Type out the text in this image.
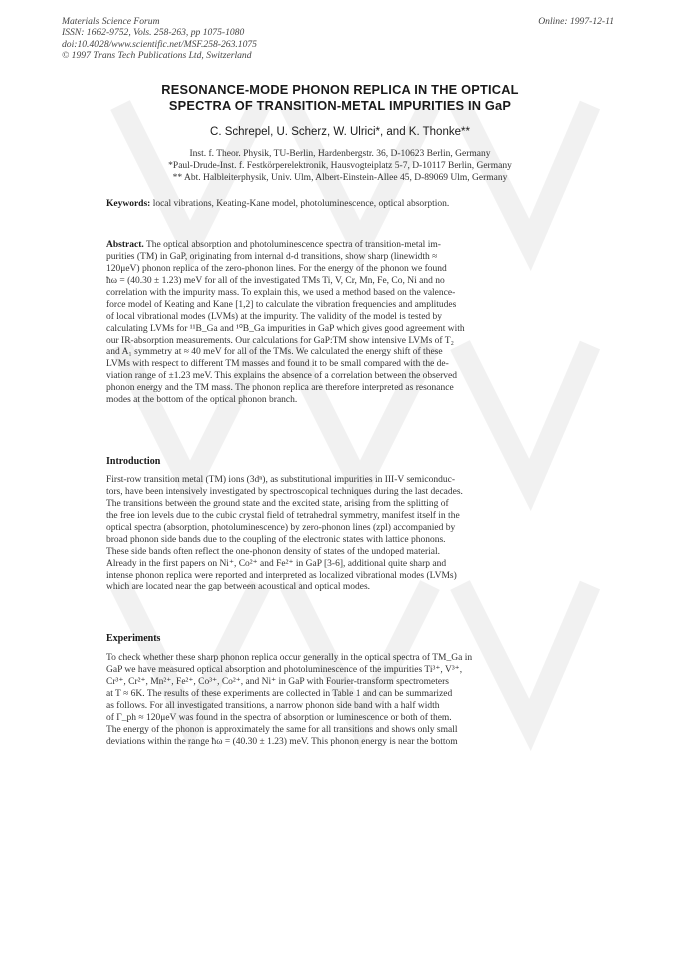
Materials Science Forum
ISSN: 1662-9752, Vols. 258-263, pp 1075-1080
doi:10.4028/www.scientific.net/MSF.258-263.1075
© 1997 Trans Tech Publications Ltd, Switzerland
Online: 1997-12-11
RESONANCE-MODE PHONON REPLICA IN THE OPTICAL
SPECTRA OF TRANSITION-METAL IMPURITIES IN GaP
C. Schrepel, U. Scherz, W. Ulrici*, and K. Thonke**
Inst. f. Theor. Physik, TU-Berlin, Hardenbergstr. 36, D-10623 Berlin, Germany
*Paul-Drude-Inst. f. Festkörperelektronik, Hausvogteiplatz 5-7, D-10117 Berlin, Germany
** Abt. Halbleiterphysik, Univ. Ulm, Albert-Einstein-Allee 45, D-89069 Ulm, Germany
Keywords: local vibrations, Keating-Kane model, photoluminescence, optical absorption.
Abstract. The optical absorption and photoluminescence spectra of transition-metal im-
purities (TM) in GaP, originating from internal d-d transitions, show sharp (linewidth ≈
120μeV) phonon replica of the zero-phonon lines. For the energy of the phonon we found
ħω = (40.30 ± 1.23) meV for all of the investigated TMs Ti, V, Cr, Mn, Fe, Co, Ni and no
correlation with the impurity mass. To explain this, we used a method based on the valence-
force model of Keating and Kane [1,2] to calculate the vibration frequencies and amplitudes
of local vibrational modes (LVMs) at the impurity. The validity of the model is tested by
calculating LVMs for ¹¹B_Ga and ¹⁰B_Ga impurities in GaP which gives good agreement with
our IR-absorption measurements. Our calculations for GaP:TM show intensive LVMs of T₂
and A₁ symmetry at ≈ 40 meV for all of the TMs. We calculated the energy shift of these
LVMs with respect to different TM masses and found it to be small compared with the de-
viation range of ±1.23 meV. This explains the absence of a correlation between the observed
phonon energy and the TM mass. The phonon replica are therefore interpreted as resonance
modes at the bottom of the optical phonon branch.
Introduction
First-row transition metal (TM) ions (3dⁿ), as substitutional impurities in III-V semiconduc-
tors, have been intensively investigated by spectroscopical techniques during the last decades.
The transitions between the ground state and the excited state, arising from the splitting of
the free ion levels due to the cubic crystal field of tetrahedral symmetry, manifest itself in the
optical spectra (absorption, photoluminescence) by zero-phonon lines (zpl) accompanied by
broad phonon side bands due to the coupling of the electronic states with lattice phonons.
These side bands often reflect the one-phonon density of states of the undoped material.
Already in the first papers on Ni⁺, Co²⁺ and Fe²⁺ in GaP [3-6], additional quite sharp and
intense phonon replica were reported and interpreted as localized vibrational modes (LVMs)
which are located near the gap between acoustical and optical modes.
Experiments
To check whether these sharp phonon replica occur generally in the optical spectra of TM_Ga in
GaP we have measured optical absorption and photoluminescence of the impurities Ti³⁺, V³⁺,
Cr³⁺, Cr²⁺, Mn²⁺, Fe²⁺, Co³⁺, Co²⁺, and Ni⁺ in GaP with Fourier-transform spectrometers
at T ≈ 6K. The results of these experiments are collected in Table 1 and can be summarized
as follows. For all investigated transitions, a narrow phonon side band with a half width
of Γ_ph ≈ 120μeV was found in the spectra of absorption or luminescence or both of them.
The energy of the phonon is approximately the same for all transitions and shows only small
deviations within the range ħω = (40.30 ± 1.23) meV. This phonon energy is near the bottom
